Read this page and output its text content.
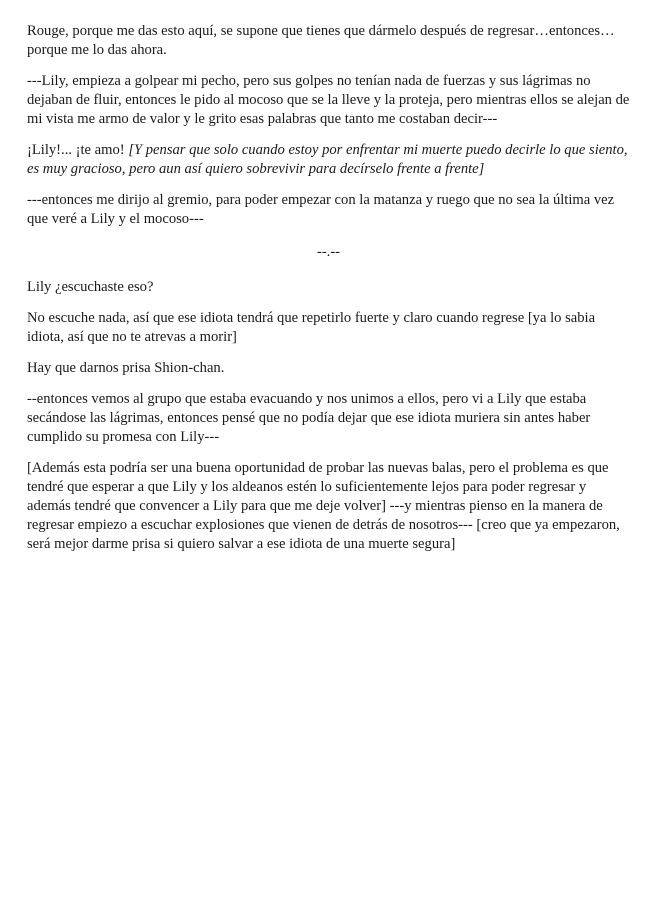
Rouge, porque me das esto aquí, se supone que tienes que dármelo después de regresar…entonces…porque me lo das ahora.

---Lily, empieza a golpear mi pecho, pero sus golpes no tenían nada de fuerzas y sus lágrimas no dejaban de fluir, entonces le pido al mocoso que se la lleve y la proteja, pero mientras ellos se alejan de mi vista me armo de valor y le grito esas palabras que tanto me costaban decir---

¡Lily!... ¡te amo! [Y pensar que solo cuando estoy por enfrentar mi muerte puedo decirle lo que siento, es muy gracioso, pero aun así quiero sobrevivir para decírselo frente a frente]

---entonces me dirijo al gremio, para poder empezar con la matanza y ruego que no sea la última vez que veré a Lily y el mocoso---

--.--

Lily ¿escuchaste eso?

No escuche nada, así que ese idiota tendrá que repetirlo fuerte y claro cuando regrese [ya lo sabia idiota, así que no te atrevas a morir]

Hay que darnos prisa Shion-chan.

--entonces vemos al grupo que estaba evacuando y nos unimos a ellos, pero vi a Lily que estaba secándose las lágrimas, entonces pensé que no podía dejar que ese idiota muriera sin antes haber cumplido su promesa con Lily---

[Además esta podría ser una buena oportunidad de probar las nuevas balas, pero el problema es que tendré que esperar a que Lily y los aldeanos estén lo suficientemente lejos para poder regresar y además tendré que convencer a Lily para que me deje volver] ---y mientras pienso en la manera de regresar empiezo a escuchar explosiones que vienen de detrás de nosotros--- [creo que ya empezaron, será mejor darme prisa si quiero salvar a ese idiota de una muerte segura]
